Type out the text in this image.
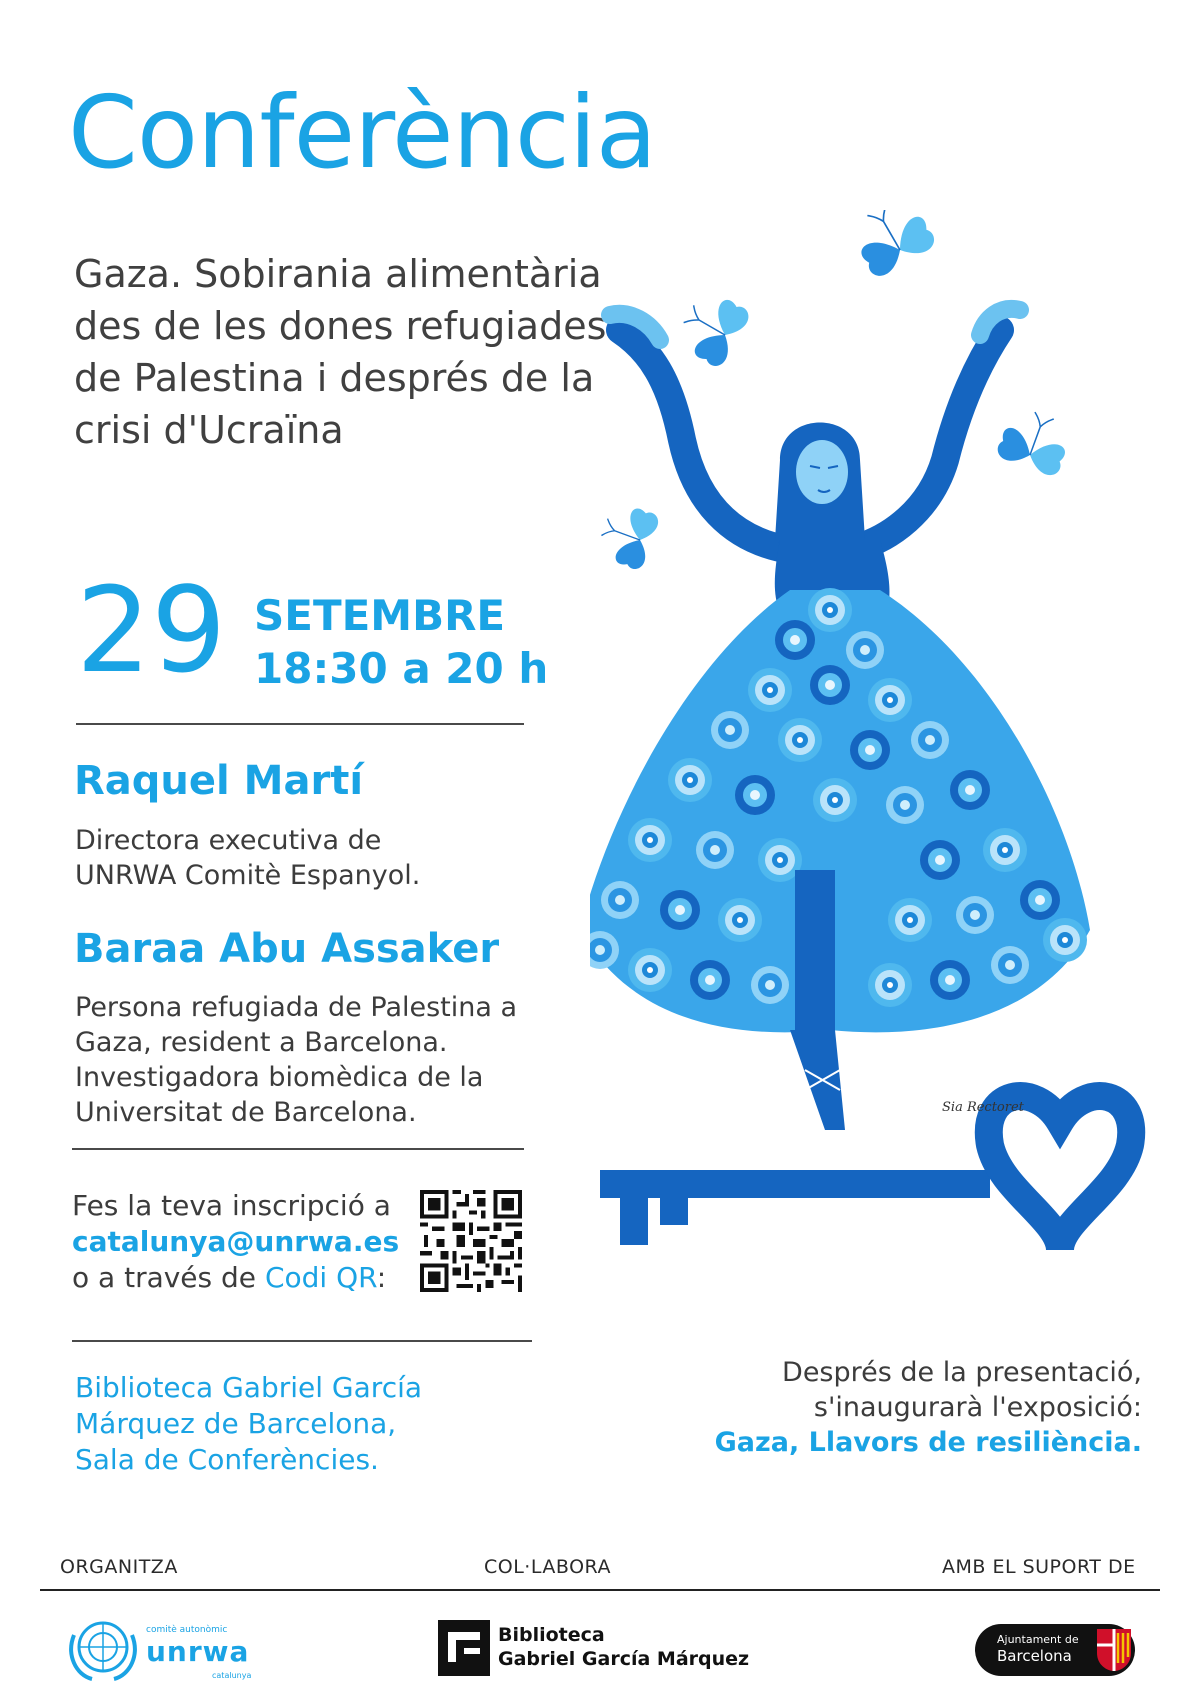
Conferència
Gaza. Sobirania alimentària
des de les dones refugiades
de Palestina i després de la
crisi d'Ucraïna
29 SETEMBRE
18:30 a 20 h
Raquel Martí
Directora executiva de
UNRWA Comitè Espanyol.
Baraa Abu Assaker
Persona refugiada de Palestina a
Gaza, resident a Barcelona.
Investigadora biomèdica de la
Universitat de Barcelona.
Fes la teva inscripció a
catalunya@unrwa.es
o a través de Codi QR:
Biblioteca Gabriel García
Márquez de Barcelona,
Sala de Conferències.
Després de la presentació,
s'inaugurarà l'exposició:
Gaza, Llavors de resiliència.
Sia Rectoret
ORGANITZA	COL·LABORA	AMB EL SUPORT DE
comitè autonòmic
unrwa
catalunya
Biblioteca
Gabriel García Márquez
Ajuntament de
Barcelona
